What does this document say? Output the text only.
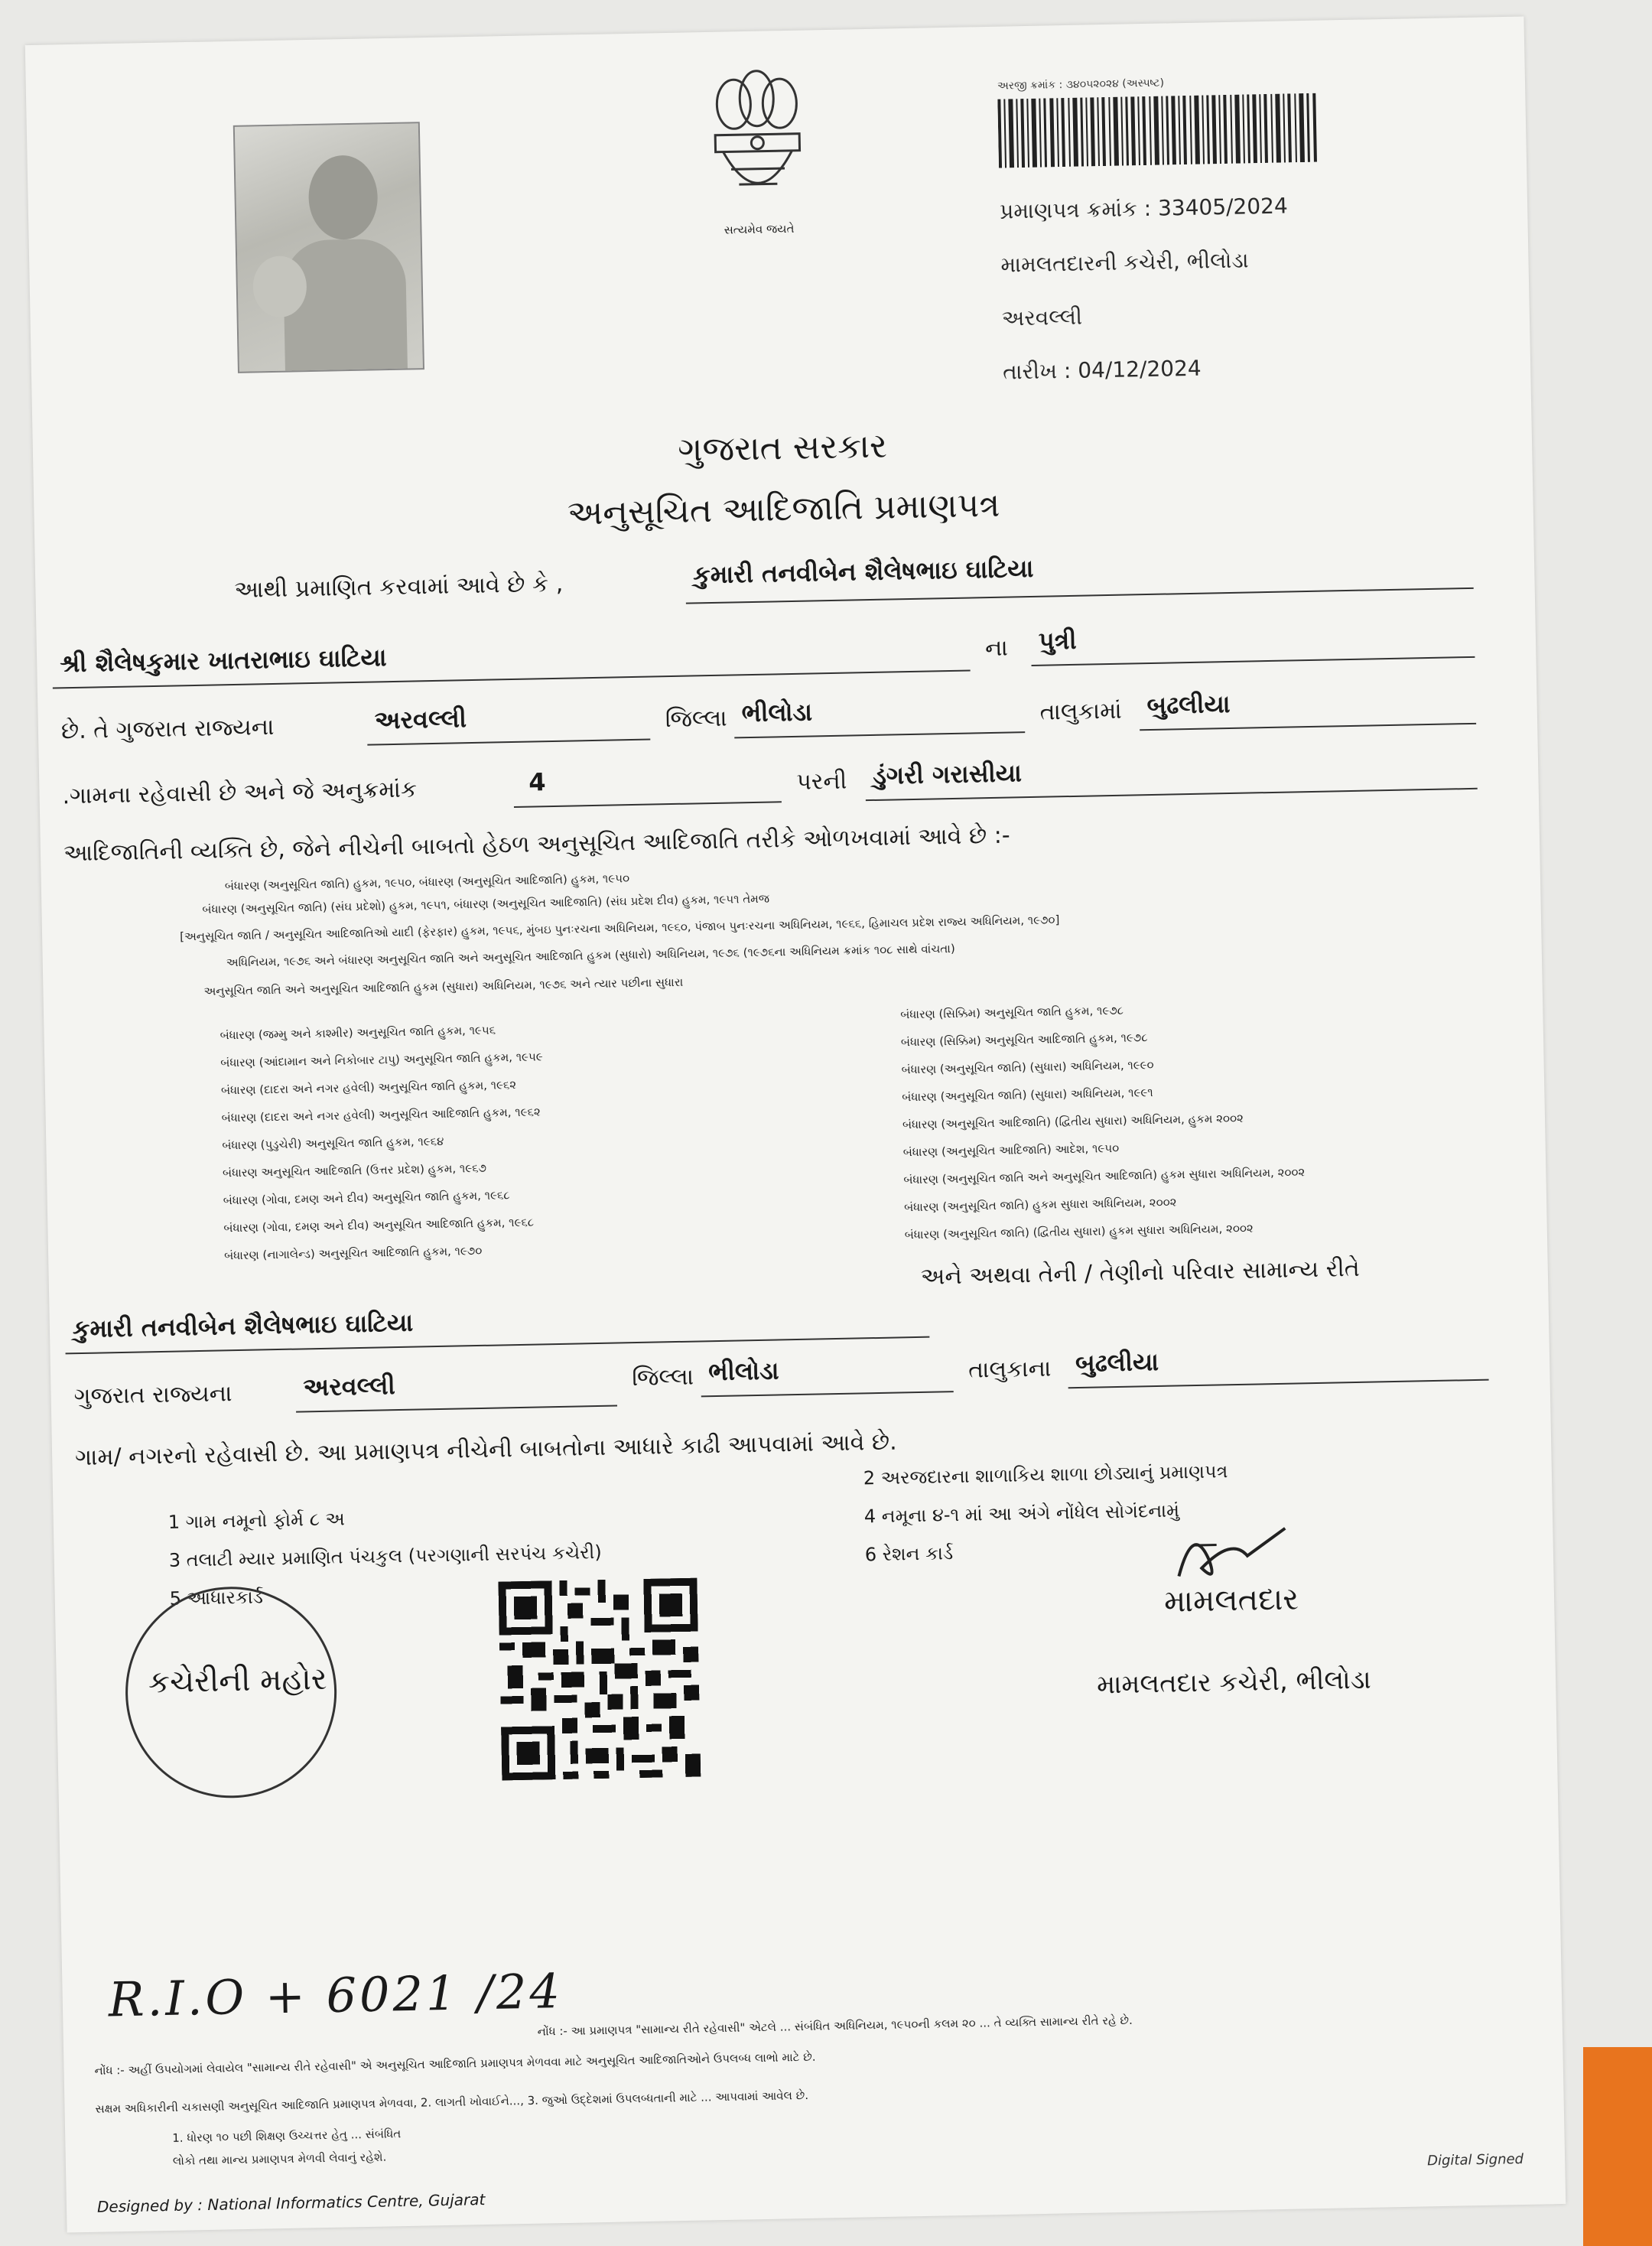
સત્યમેવ જયતે
અરજી ક્રમાંક : ૩૪૦૫૨૦૨૪ (અસ્પષ્ટ)
પ્રમાણપત્ર ક્રમાંક : 33405/2024
મામલતદારની કચેરી, ભીલોડા
અરવલ્લી
તારીખ : 04/12/2024
ગુજરાત સરકાર
અનુસૂચિત આદિજાતિ પ્રમાણપત્ર
આથી પ્રમાણિત કરવામાં આવે છે કે ,	કુમારી તનવીબેન શૈલેષભાઇ ઘાટિયા
શ્રી શૈલેષકુમાર ખાતરાભાઇ ઘાટિયા	ના પુત્રી
છે. તે ગુજરાત રાજ્યના	અરવલ્લી	જિલ્લા ભીલોડા	તાલુકામાં બુઢલીયા
.ગામના રહેવાસી છે અને જે અનુક્રમાંક	4	પરની ડુંગરી ગરાસીયા
આદિજાતિની વ્યક્તિ છે, જેને નીચેની બાબતો હેઠળ અનુસૂચિત આદિજાતિ તરીકે ઓળખવામાં આવે છે :-
બંધારણ (અનુસૂચિત જાતિ) હુકમ, ૧૯૫૦, બંધારણ (અનુસૂચિત આદિજાતિ) હુકમ, ૧૯૫૦
બંધારણ (અનુસૂચિત જાતિ) (સંઘ પ્રદેશો) હુકમ, ૧૯૫૧, બંધારણ (અનુસૂચિત આદિજાતિ) (સંઘ પ્રદેશ દીવ) હુકમ, ૧૯૫૧ તેમજ
[અનુસૂચિત જાતિ / અનુસૂચિત આદિજાતિઓ યાદી (ફેરફાર) હુકમ, ૧૯૫૬, મુંબઇ પુનઃરચના અધિનિયમ, ૧૯૬૦, પંજાબ પુનઃરચના અધિનિયમ, ૧૯૬૬, હિમાચલ પ્રદેશ રાજ્ય અધિનિયમ, ૧૯૭૦]
અધિનિયમ, ૧૯૭૬ અને બંધારણ અનુસૂચિત જાતિ અને અનુસૂચિત આદિજાતિ હુકમ (સુધારો) અધિનિયમ, ૧૯૭૬ (૧૯૭૬ના અધિનિયમ ક્રમાંક ૧૦૮ સાથે વાંચતા)
અનુસૂચિત જાતિ અને અનુસૂચિત આદિજાતિ હુકમ (સુધારા) અધિનિયમ, ૧૯૭૬ અને ત્યાર પછીના સુધારા
બંધારણ (જમ્મુ અને કાશ્મીર) અનુસૂચિત જાતિ હુકમ, ૧૯૫૬
બંધારણ (આંદામાન અને નિકોબાર ટાપુ) અનુસૂચિત જાતિ હુકમ, ૧૯૫૯
બંધારણ (દાદરા અને નગર હવેલી) અનુસૂચિત જાતિ હુકમ, ૧૯૬૨
બંધારણ (દાદરા અને નગર હવેલી) અનુસૂચિત આદિજાતિ હુકમ, ૧૯૬૨
બંધારણ (પુડુચેરી) અનુસૂચિત જાતિ હુકમ, ૧૯૬૪
બંધારણ અનુસૂચિત આદિજાતિ (ઉત્તર પ્રદેશ) હુકમ, ૧૯૬૭
બંધારણ (ગોવા, દમણ અને દીવ) અનુસૂચિત જાતિ હુકમ, ૧૯૬૮
બંધારણ (ગોવા, દમણ અને દીવ) અનુસૂચિત આદિજાતિ હુકમ, ૧૯૬૮
બંધારણ (નાગાલેન્ડ) અનુસૂચિત આદિજાતિ હુકમ, ૧૯૭૦
બંધારણ (સિક્કિમ) અનુસૂચિત જાતિ હુકમ, ૧૯૭૮
બંધારણ (સિક્કિમ) અનુસૂચિત આદિજાતિ હુકમ, ૧૯૭૮
બંધારણ (અનુસૂચિત જાતિ) (સુધારા) અધિનિયમ, ૧૯૯૦
બંધારણ (અનુસૂચિત જાતિ) (સુધારા) અધિનિયમ, ૧૯૯૧
બંધારણ (અનુસૂચિત આદિજાતિ) (દ્વિતીય સુધારા) અધિનિયમ, હુકમ ૨૦૦૨
બંધારણ (અનુસૂચિત આદિજાતિ) આદેશ, ૧૯૫૦
બંધારણ (અનુસૂચિત જાતિ અને અનુસૂચિત આદિજાતિ) હુકમ સુધારા અધિનિયમ, ૨૦૦૨
બંધારણ (અનુસૂચિત જાતિ) હુકમ સુધારા અધિનિયમ, ૨૦૦૨
બંધારણ (અનુસૂચિત જાતિ) (દ્વિતીય સુધારા) હુકમ સુધારા અધિનિયમ, ૨૦૦૨
અને અથવા તેની / તેણીનો પરિવાર સામાન્ય રીતે
કુમારી તનવીબેન શૈલેષભાઇ ઘાટિયા
ગુજરાત રાજ્યના	અરવલ્લી	જિલ્લા ભીલોડા	તાલુકાના બુઢલીયા
ગામ/ નગરનો રહેવાસી છે. આ પ્રમાણપત્ર નીચેની બાબતોના આધારે કાઢી આપવામાં આવે છે.
1 ગામ નમૂનો ફોર્મ ૮ અ
2 અરજદારના શાળાકિય શાળા છોડ્યાનું પ્રમાણપત્ર
3 તલાટી મ્યાર પ્રમાણિત પંચકુલ (પરગણાની સરપંચ કચેરી)
4 નમૂના ૪-૧ માં આ અંગે નોંધેલ સોગંદનામું
5 આધારકાર્ડ
6 રેશન કાર્ડ
કચેરીની મહોર
મામલતદાર
મામલતદાર કચેરી, ભીલોડા
R.I.O + 6021 /24
નોંધ :- આ પ્રમાણપત્ર "સામાન્ય રીતે રહેવાસી" એટલે ... સંબંધિત અધિનિયમ, ૧૯૫૦ની કલમ ૨૦ ... તે વ્યક્તિ સામાન્ય રીતે રહે છે.
નોંધ :- અહીં ઉપયોગમાં લેવાયેલ "સામાન્ય રીતે રહેવાસી" એ અનુસૂચિત આદિજાતિ પ્રમાણપત્ર મેળવવા માટે અનુસૂચિત આદિજાતિઓને ઉપલબ્ધ લાભો માટે છે.
સક્ષમ અધિકારીની ચકાસણી અનુસૂચિત આદિજાતિ પ્રમાણપત્ર મેળવવા, 2. લાગતી ખોવાઈને..., 3. જુઓ ઉદ્દેશમાં ઉપલબ્ધતાની માટે ... આપવામાં આવેલ છે.
1. ધોરણ ૧૦ પછી શિક્ષણ ઉચ્ચત્તર હેતુ ... સંબંધિત
લોકો તથા માન્ય પ્રમાણપત્ર મેળવી લેવાનું રહેશે.
Designed by : National Informatics Centre, Gujarat
Digital Signed
